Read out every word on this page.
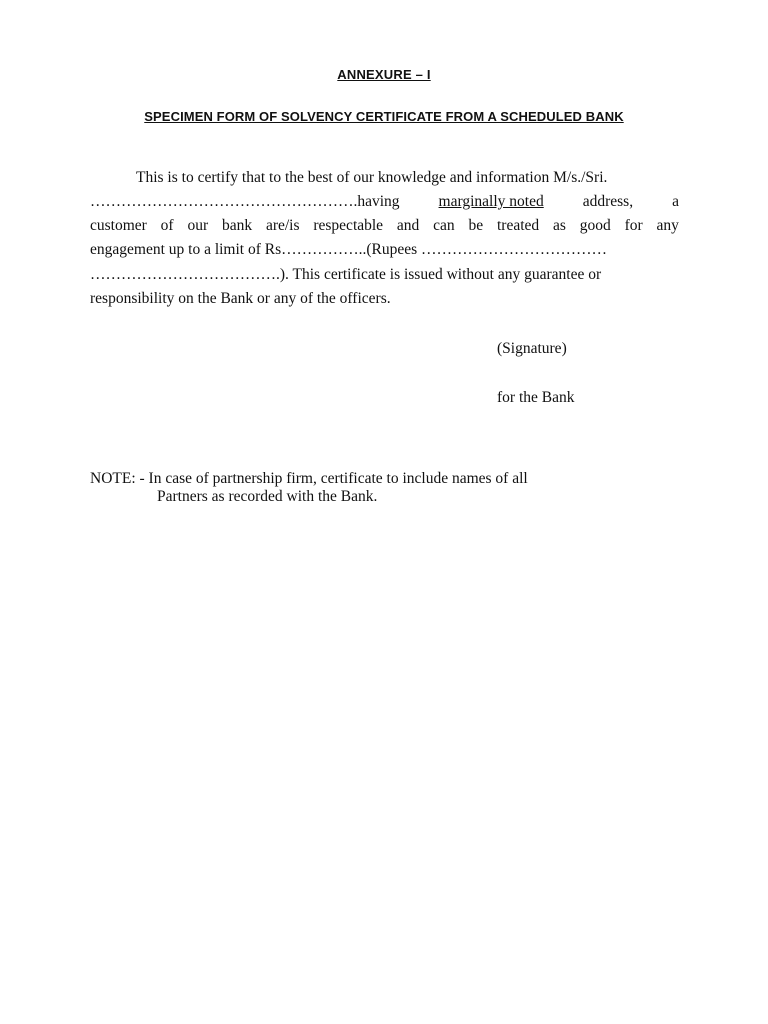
ANNEXURE – I
SPECIMEN FORM OF SOLVENCY CERTIFICATE FROM A SCHEDULED BANK
This is to certify that to the best of our knowledge and information M/s./Sri.
…………………………………………….having	marginally noted	address,	a
customer of our bank are/is respectable and can be treated as good for any
engagement up to a limit of Rs……………..(Rupees ………………………………
……………………………….). This certificate is issued without any guarantee or
responsibility on the Bank or any of the officers.
(Signature)
for the Bank
NOTE: - In case of partnership firm, certificate to include names of all
Partners as recorded with the Bank.
